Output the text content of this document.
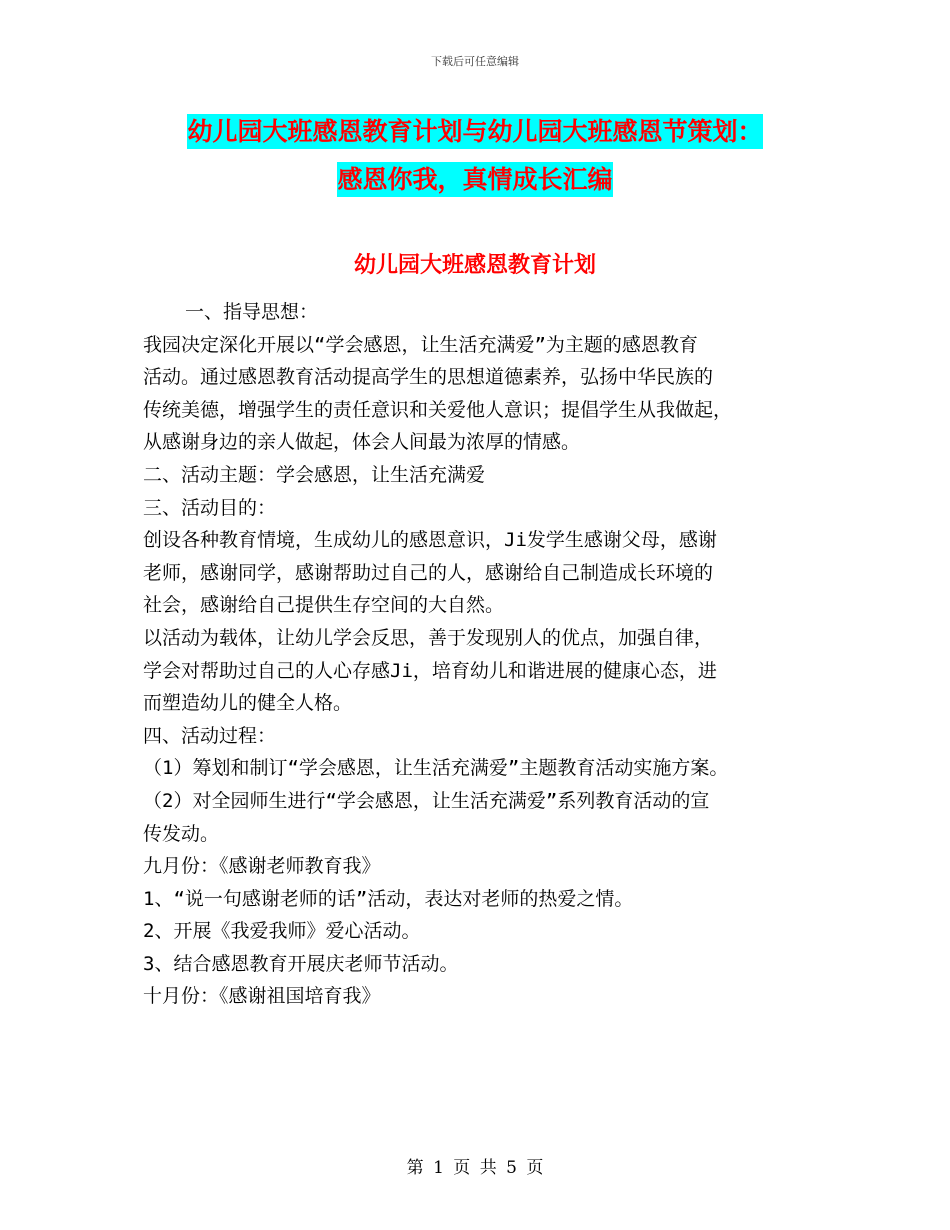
下载后可任意编辑
幼儿园大班感恩教育计划与幼儿园大班感恩节策划：
感恩你我，真情成长汇编
幼儿园大班感恩教育计划

一、指导思想：

我园决定深化开展以“学会感恩，让生活充满爱”为主题的感恩教育

活动。通过感恩教育活动提高学生的思想道德素养，弘扬中华民族的

传统美德，增强学生的责任意识和关爱他人意识；提倡学生从我做起，

从感谢身边的亲人做起，体会人间最为浓厚的情感。

二、活动主题：学会感恩，让生活充满爱

三、活动目的：

创设各种教育情境，生成幼儿的感恩意识，Ji发学生感谢父母，感谢

老师，感谢同学，感谢帮助过自己的人，感谢给自己制造成长环境的

社会，感谢给自己提供生存空间的大自然。

以活动为载体，让幼儿学会反思，善于发现别人的优点，加强自律，

学会对帮助过自己的人心存感Ji，培育幼儿和谐进展的健康心态，进

而塑造幼儿的健全人格。

四、活动过程：

（1）筹划和制订“学会感恩，让生活充满爱”主题教育活动实施方案。

（2）对全园师生进行“学会感恩，让生活充满爱”系列教育活动的宣

传发动。

九月份：《感谢老师教育我》

1、“说一句感谢老师的话”活动，表达对老师的热爱之情。

2、开展《我爱我师》爱心活动。

3、结合感恩教育开展庆老师节活动。

十月份：《感谢祖国培育我》

第 1 页 共 5 页
